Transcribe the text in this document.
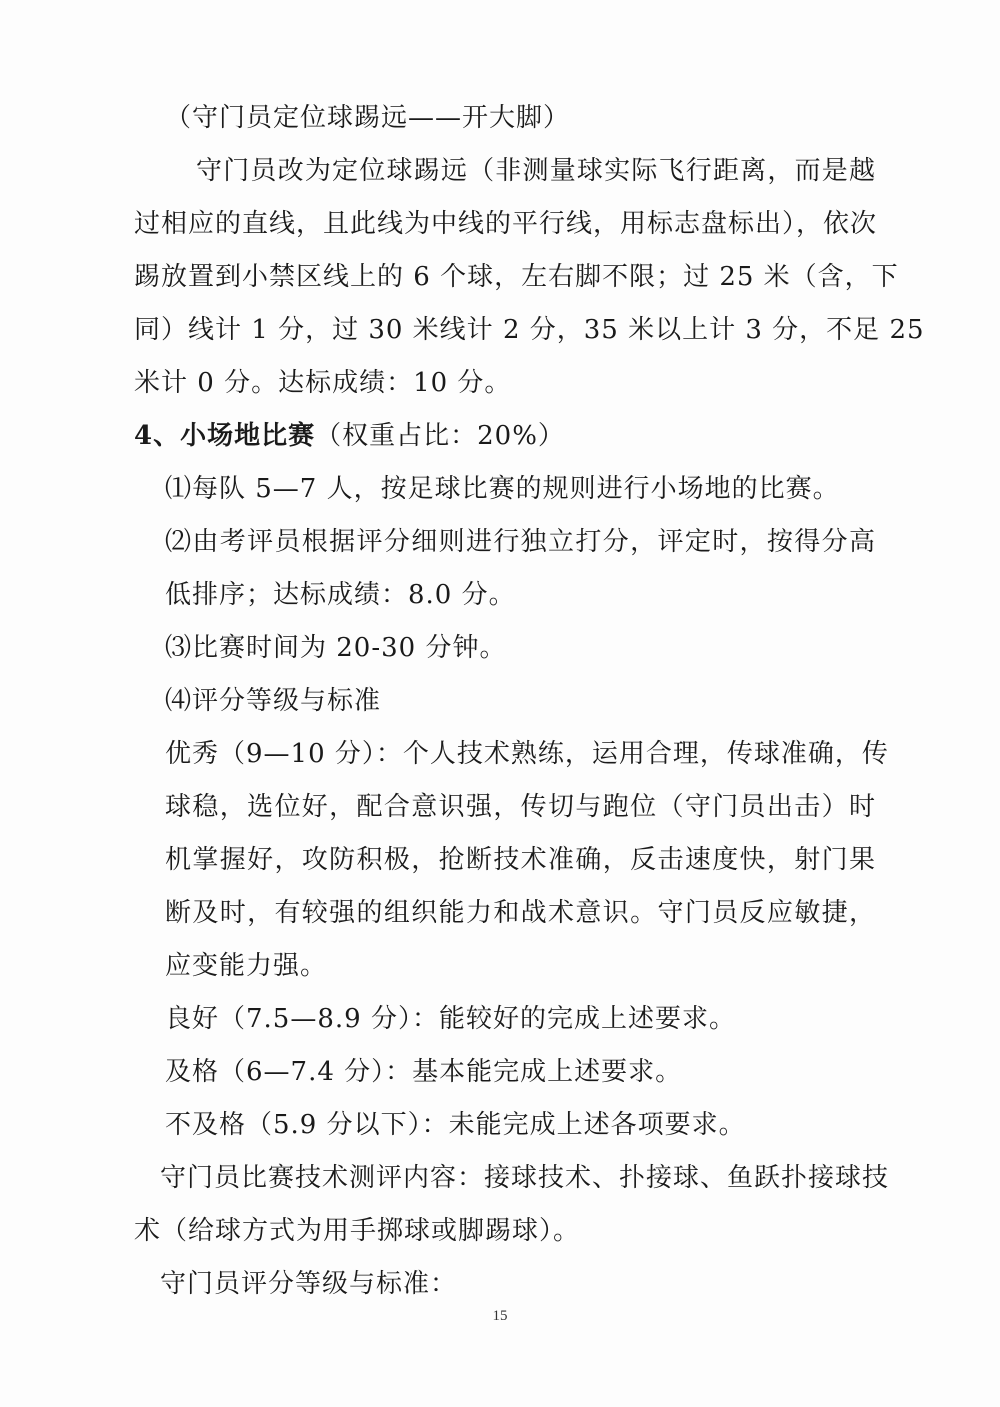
（守门员定位球踢远——开大脚）
守门员改为定位球踢远（非测量球实际飞行距离，而是越
过相应的直线，且此线为中线的平行线，用标志盘标出），依次
踢放置到小禁区线上的 6 个球，左右脚不限；过 25 米（含，下
同）线计 1 分，过 30 米线计 2 分，35 米以上计 3 分，不足 25
米计 0 分。达标成绩：10 分。
4、小场地比赛（权重占比：20%）
⑴每队 5—7 人，按足球比赛的规则进行小场地的比赛。
⑵由考评员根据评分细则进行独立打分，评定时，按得分高
低排序；达标成绩：8.0 分。
⑶比赛时间为 20-30 分钟。
⑷评分等级与标准
优秀（9—10 分）：个人技术熟练，运用合理，传球准确，传
球稳，选位好，配合意识强，传切与跑位（守门员出击）时
机掌握好，攻防积极，抢断技术准确，反击速度快，射门果
断及时，有较强的组织能力和战术意识。守门员反应敏捷，
应变能力强。
良好（7.5—8.9 分）：能较好的完成上述要求。
及格（6—7.4 分）：基本能完成上述要求。
不及格（5.9 分以下）：未能完成上述各项要求。
守门员比赛技术测评内容：接球技术、扑接球、鱼跃扑接球技
术（给球方式为用手掷球或脚踢球）。
守门员评分等级与标准：
15
